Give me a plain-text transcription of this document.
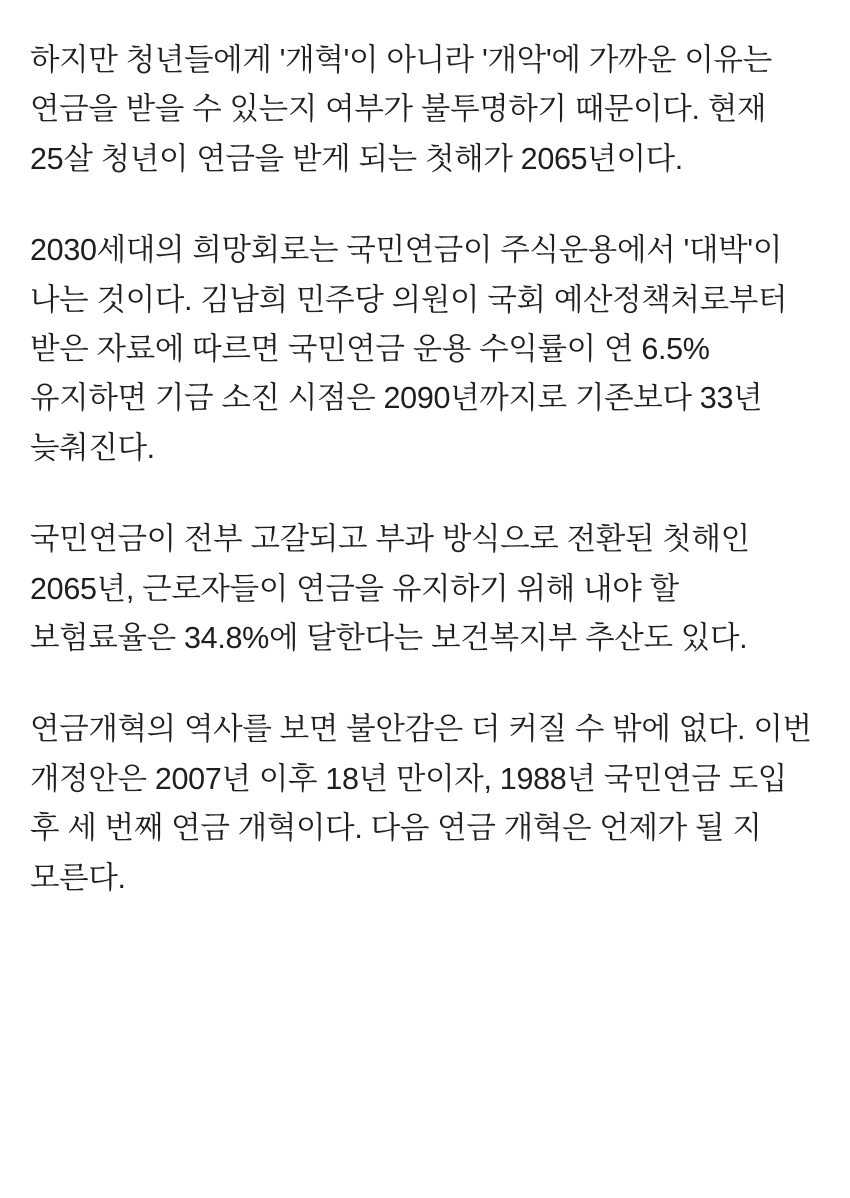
하지만 청년들에게 '개혁'이 아니라 '개악'에 가까운 이유는 연금을 받을 수 있는지 여부가 불투명하기 때문이다. 현재 25살 청년이 연금을 받게 되는 첫해가 2065년이다.

2030세대의 희망회로는 국민연금이 주식운용에서 '대박'이 나는 것이다. 김남희 민주당 의원이 국회 예산정책처로부터 받은 자료에 따르면 국민연금 운용 수익률이 연 6.5% 유지하면 기금 소진 시점은 2090년까지로 기존보다 33년 늦춰진다.

국민연금이 전부 고갈되고 부과 방식으로 전환된 첫해인 2065년, 근로자들이 연금을 유지하기 위해 내야 할 보험료율은 34.8%에 달한다는 보건복지부 추산도 있다.

연금개혁의 역사를 보면 불안감은 더 커질 수 밖에 없다. 이번 개정안은 2007년 이후 18년 만이자, 1988년 국민연금 도입 후 세 번째 연금 개혁이다. 다음 연금 개혁은 언제가 될 지 모른다.
